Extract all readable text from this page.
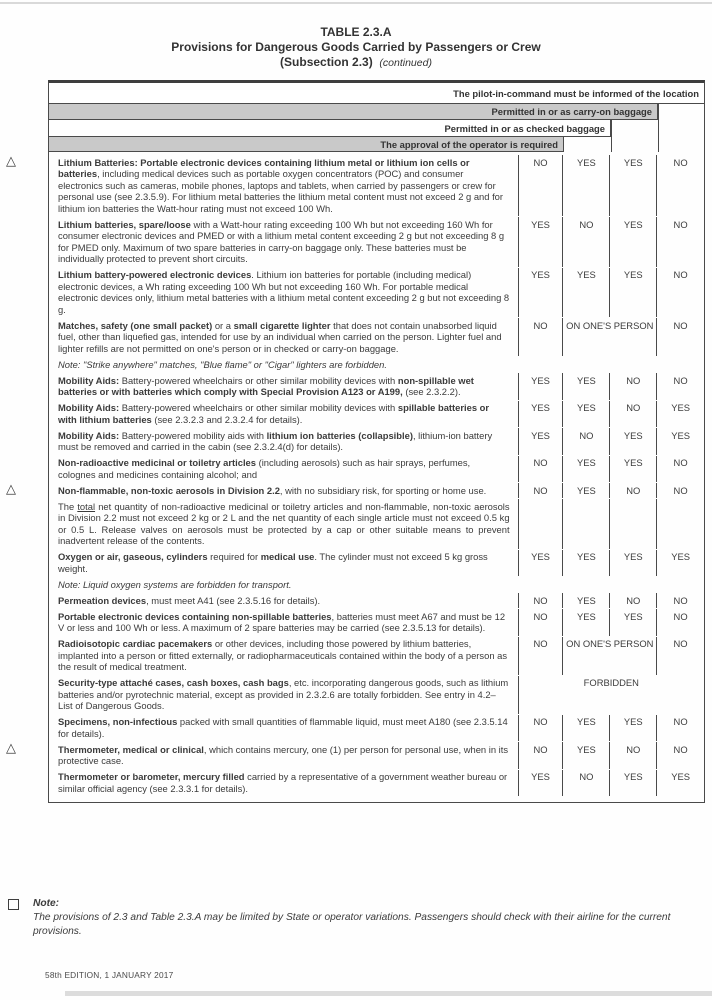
TABLE 2.3.A
Provisions for Dangerous Goods Carried by Passengers or Crew
(Subsection 2.3) (continued)
The pilot-in-command must be informed of the location
Permitted in or as carry-on baggage
Permitted in or as checked baggage
The approval of the operator is required
△	Lithium Batteries: Portable electronic devices containing lithium metal or lithium ion cells or batteries, including medical devices such as portable oxygen concentrators (POC) and consumer electronics such as cameras, mobile phones, laptops and tablets, when carried by passengers or crew for personal use (see 2.3.5.9). For lithium metal batteries the lithium metal content must not exceed 2 g and for lithium ion batteries the Watt-hour rating must not exceed 100 Wh.
NO	YES	YES	NO
Lithium batteries, spare/loose with a Watt-hour rating exceeding 100 Wh but not exceeding 160 Wh for consumer electronic devices and PMED or with a lithium metal content exceeding 2 g but not exceeding 8 g for PMED only. Maximum of two spare batteries in carry-on baggage only. These batteries must be individually protected to prevent short circuits.
YES	NO	YES	NO
Lithium battery-powered electronic devices. Lithium ion batteries for portable (including medical) electronic devices, a Wh rating exceeding 100 Wh but not exceeding 160 Wh. For portable medical electronic devices only, lithium metal batteries with a lithium metal content exceeding 2 g but not exceeding 8 g.
YES	YES	YES	NO
Matches, safety (one small packet) or a small cigarette lighter that does not contain unabsorbed liquid fuel, other than liquefied gas, intended for use by an individual when carried on the person. Lighter fuel and lighter refills are not permitted on one's person or in checked or carry-on baggage.
NO	ON ONE'S PERSON	NO
Note: "Strike anywhere" matches, "Blue flame" or "Cigar" lighters are forbidden.
Mobility Aids: Battery-powered wheelchairs or other similar mobility devices with non-spillable wet batteries or with batteries which comply with Special Provision A123 or A199, (see 2.3.2.2).
YES	YES	NO	NO
Mobility Aids: Battery-powered wheelchairs or other similar mobility devices with spillable batteries or with lithium batteries (see 2.3.2.3 and 2.3.2.4 for details).
YES	YES	NO	YES
Mobility Aids: Battery-powered mobility aids with lithium ion batteries (collapsible), lithium-ion battery must be removed and carried in the cabin (see 2.3.2.4(d) for details).
YES	NO	YES	YES
Non-radioactive medicinal or toiletry articles (including aerosols) such as hair sprays, perfumes, colognes and medicines containing alcohol; and
NO	YES	YES	NO
△	Non-flammable, non-toxic aerosols in Division 2.2, with no subsidiary risk, for sporting or home use.	NO	YES	NO	NO
The total net quantity of non-radioactive medicinal or toiletry articles and non-flammable, non-toxic aerosols in Division 2.2 must not exceed 2 kg or 2 L and the net quantity of each single article must not exceed 0.5 kg or 0.5 L. Release valves on aerosols must be protected by a cap or other suitable means to prevent inadvertent release of the contents.
Oxygen or air, gaseous, cylinders required for medical use. The cylinder must not exceed 5 kg gross weight.
YES	YES	YES	YES
Note: Liquid oxygen systems are forbidden for transport.
Permeation devices, must meet A41 (see 2.3.5.16 for details).	NO	YES	NO	NO
Portable electronic devices containing non-spillable batteries, batteries must meet A67 and must be 12 V or less and 100 Wh or less. A maximum of 2 spare batteries may be carried (see 2.3.5.13 for details).
NO	YES	YES	NO
Radioisotopic cardiac pacemakers or other devices, including those powered by lithium batteries, implanted into a person or fitted externally, or radiopharmaceuticals contained within the body of a person as the result of medical treatment.
NO	ON ONE'S PERSON	NO
Security-type attaché cases, cash boxes, cash bags, etc. incorporating dangerous goods, such as lithium batteries and/or pyrotechnic material, except as provided in 2.3.2.6 are totally forbidden. See entry in 4.2–List of Dangerous Goods.
FORBIDDEN
Specimens, non-infectious packed with small quantities of flammable liquid, must meet A180 (see 2.3.5.14 for details).
NO	YES	YES	NO
△	Thermometer, medical or clinical, which contains mercury, one (1) per person for personal use, when in its protective case.
NO	YES	NO	NO
Thermometer or barometer, mercury filled carried by a representative of a government weather bureau or similar official agency (see 2.3.3.1 for details).
YES	NO	YES	YES
Note:
The provisions of 2.3 and Table 2.3.A may be limited by State or operator variations. Passengers should check with their airline for the current provisions.
58th EDITION, 1 JANUARY 2017
